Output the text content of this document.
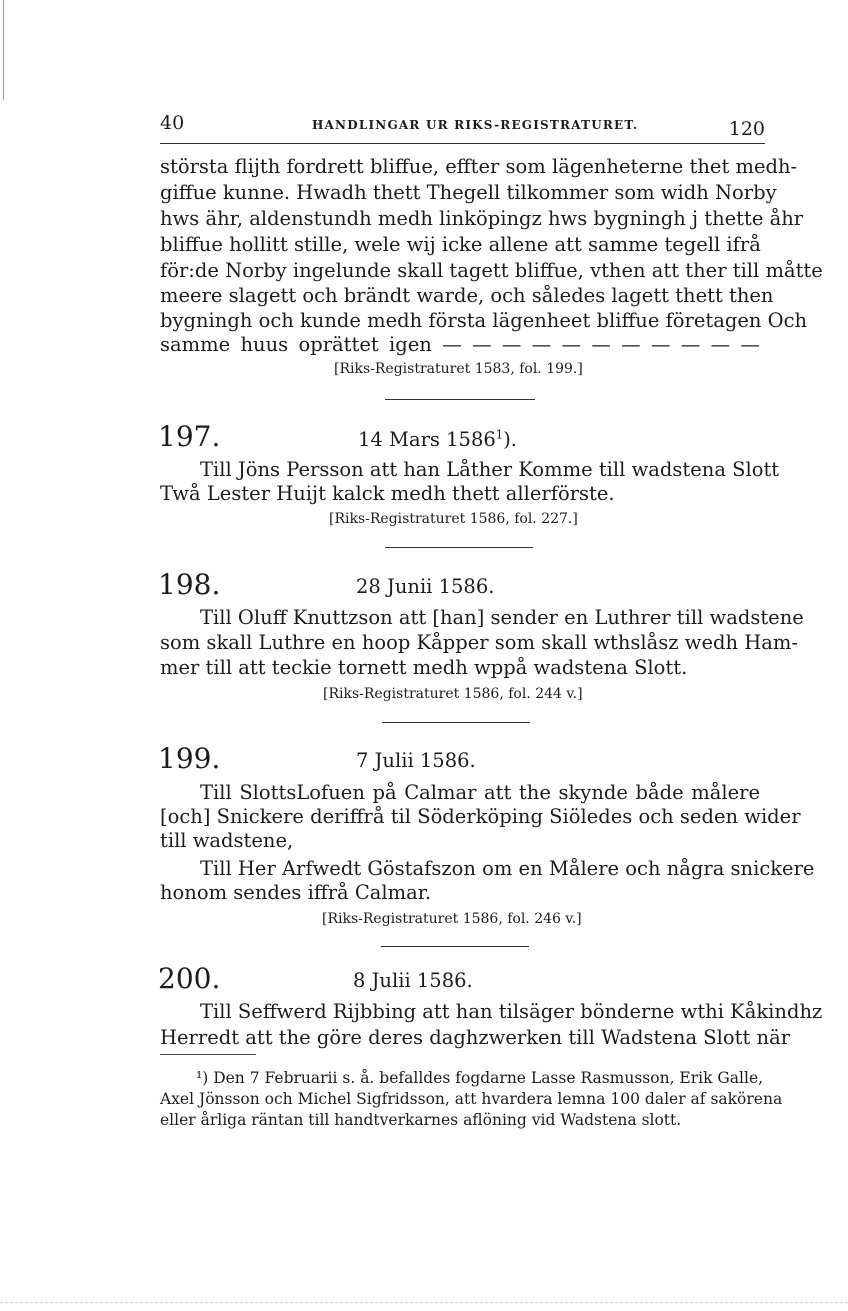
40	HANDLINGAR UR RIKS-REGISTRATURET.	120
största flijth fordrett bliffue, effter som lägenheterne thet medh-
giffue kunne. Hwadh thett Thegell tilkommer som widh Norby
hws ähr, aldenstundh medh linköpingz hws bygningh j thette åhr
bliffue hollitt stille, wele wij icke allene att samme tegell ifrå
för:de Norby ingelunde skall tagett bliffue, vthen att ther till måtte
meere slagett och brändt warde, och således lagett thett then
bygningh och kunde medh första lägenheet bliffue företagen Och
samme huus oprättet igen — — — — — — — — — — —
[Riks-Registraturet 1583, fol. 199.]
197.	14 Mars 1586$^1$).
Till Jöns Persson att han Låther Komme till wadstena Slott
Twå Lester Huijt kalck medh thett allerförste.
[Riks-Registraturet 1586, fol. 227.]
198.	28 Junii 1586.
Till Oluff Knuttzson att [han] sender en Luthrer till wadstene
som skall Luthre en hoop Kåpper som skall wthslåsz wedh Ham-
mer till att teckie tornett medh wppå wadstena Slott.
[Riks-Registraturet 1586, fol. 244 v.]
199.	7 Julii 1586.
Till SlottsLofuen på Calmar att the skynde både målere
[och] Snickere deriffrå til Söderköping Siöledes och seden wider
till wadstene,
Till Her Arfwedt Göstafszon om en Målere och några snickere
honom sendes iffrå Calmar.
[Riks-Registraturet 1586, fol. 246 v.]
200.	8 Julii 1586.
Till Seffwerd Rijbbing att han tilsäger bönderne wthi Kåkindhz
Herredt att the göre deres daghzwerken till Wadstena Slott när
¹) Den 7 Februarii s. å. befalldes fogdarne Lasse Rasmusson, Erik Galle,
Axel Jönsson och Michel Sigfridsson, att hvardera lemna 100 daler af sakörena
eller årliga räntan till handtverkarnes aflöning vid Wadstena slott.
